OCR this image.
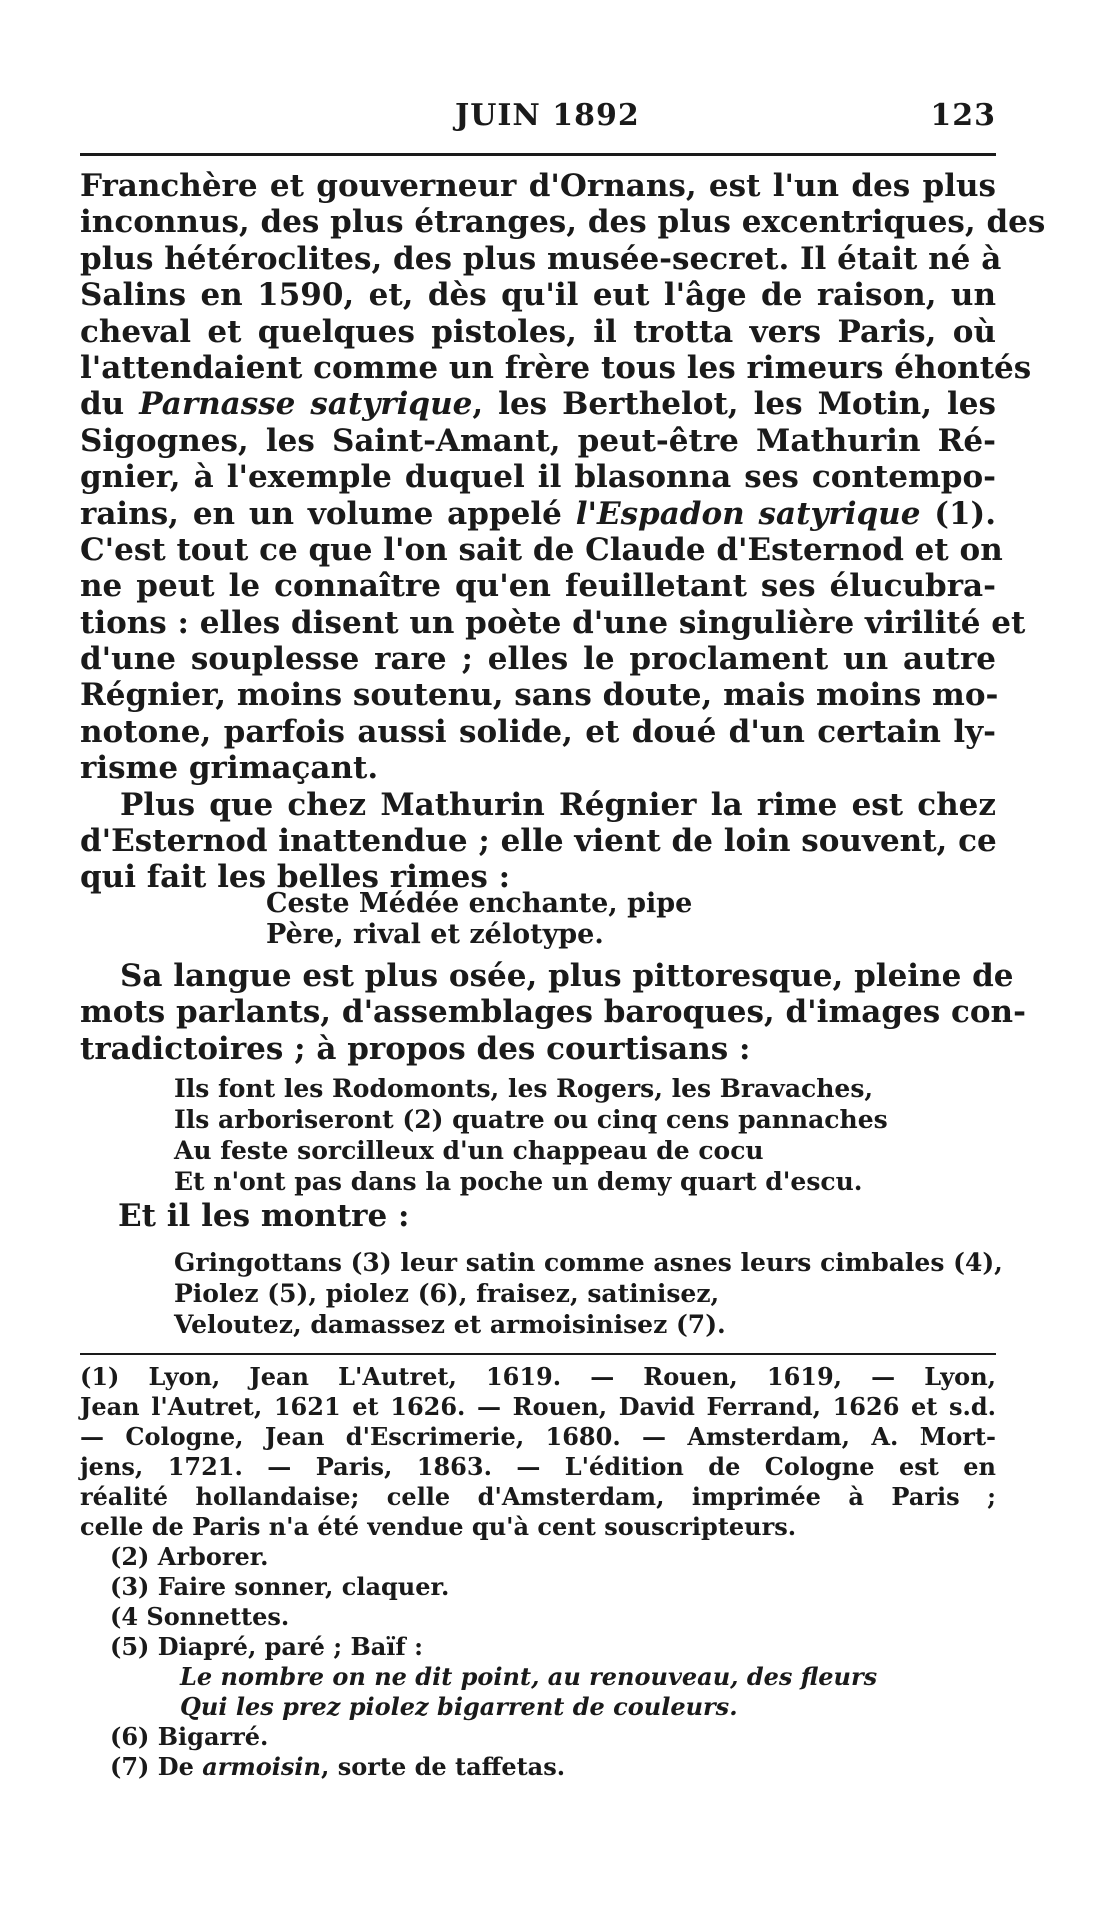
JUIN 1892	123
Franchère et gouverneur d'Ornans, est l'un des plus
inconnus, des plus étranges, des plus excentriques, des
plus hétéroclites, des plus musée-secret. Il était né à
Salins en 1590, et, dès qu'il eut l'âge de raison, un
cheval et quelques pistoles, il trotta vers Paris, où
l'attendaient comme un frère tous les rimeurs éhontés
du Parnasse satyrique, les Berthelot, les Motin, les
Sigognes, les Saint-Amant, peut-être Mathurin Ré-
gnier, à l'exemple duquel il blasonna ses contempo-
rains, en un volume appelé l'Espadon satyrique (1).
C'est tout ce que l'on sait de Claude d'Esternod et on
ne peut le connaître qu'en feuilletant ses élucubra-
tions : elles disent un poète d'une singulière virilité et
d'une souplesse rare ; elles le proclament un autre
Régnier, moins soutenu, sans doute, mais moins mo-
notone, parfois aussi solide, et doué d'un certain ly-
risme grimaçant.
Plus que chez Mathurin Régnier la rime est chez
d'Esternod inattendue ; elle vient de loin souvent, ce
qui fait les belles rimes :
Ceste Médée enchante, pipe
Père, rival et zélotype.
Sa langue est plus osée, plus pittoresque, pleine de
mots parlants, d'assemblages baroques, d'images con-
tradictoires ; à propos des courtisans :
Ils font les Rodomonts, les Rogers, les Bravaches,
Ils arboriseront (2) quatre ou cinq cens pannaches
Au feste sorcilleux d'un chappeau de cocu
Et n'ont pas dans la poche un demy quart d'escu.
Et il les montre :
Gringottans (3) leur satin comme asnes leurs cimbales (4),
Piolez (5), piolez (6), fraisez, satinisez,
Veloutez, damassez et armoisinisez (7).
(1) Lyon, Jean L'Autret, 1619. — Rouen, 1619, — Lyon,
Jean l'Autret, 1621 et 1626. — Rouen, David Ferrand, 1626 et s.d.
— Cologne, Jean d'Escrimerie, 1680. — Amsterdam, A. Mort-
jens, 1721. — Paris, 1863. — L'édition de Cologne est en
réalité hollandaise; celle d'Amsterdam, imprimée à Paris ;
celle de Paris n'a été vendue qu'à cent souscripteurs.
(2) Arborer.
(3) Faire sonner, claquer.
(4 Sonnettes.
(5) Diapré, paré ; Baïf :
Le nombre on ne dit point, au renouveau, des fleurs
Qui les prez piolez bigarrent de couleurs.
(6) Bigarré.
(7) De armoisin, sorte de taffetas.
